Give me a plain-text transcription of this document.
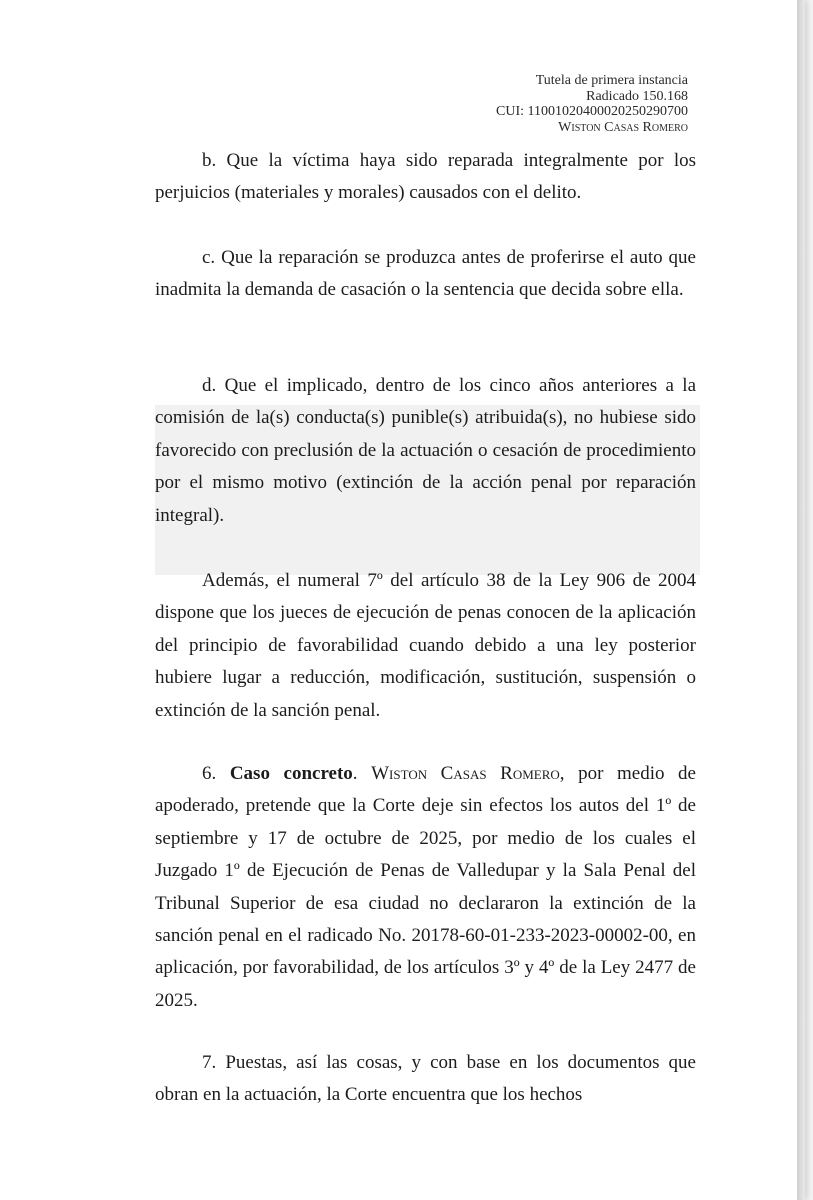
Tutela de primera instancia
Radicado 150.168
CUI: 11001020400020250290700
Wiston Casas Romero

b. Que la víctima haya sido reparada integralmente por los perjuicios (materiales y morales) causados con el delito.

c. Que la reparación se produzca antes de proferirse el auto que inadmita la demanda de casación o la sentencia que decida sobre ella.

d. Que el implicado, dentro de los cinco años anteriores a la comisión de la(s) conducta(s) punible(s) atribuida(s), no hubiese sido favorecido con preclusión de la actuación o cesación de procedimiento por el mismo motivo (extinción de la acción penal por reparación integral).

Además, el numeral 7º del artículo 38 de la Ley 906 de 2004 dispone que los jueces de ejecución de penas conocen de la aplicación del principio de favorabilidad cuando debido a una ley posterior hubiere lugar a reducción, modificación, sustitución, suspensión o extinción de la sanción penal.

6. Caso concreto. Wiston Casas Romero, por medio de apoderado, pretende que la Corte deje sin efectos los autos del 1º de septiembre y 17 de octubre de 2025, por medio de los cuales el Juzgado 1º de Ejecución de Penas de Valledupar y la Sala Penal del Tribunal Superior de esa ciudad no declararon la extinción de la sanción penal en el radicado No. 20178-60-01-233-2023-00002-00, en aplicación, por favorabilidad, de los artículos 3º y 4º de la Ley 2477 de 2025.

7. Puestas, así las cosas, y con base en los documentos que obran en la actuación, la Corte encuentra que los hechos
